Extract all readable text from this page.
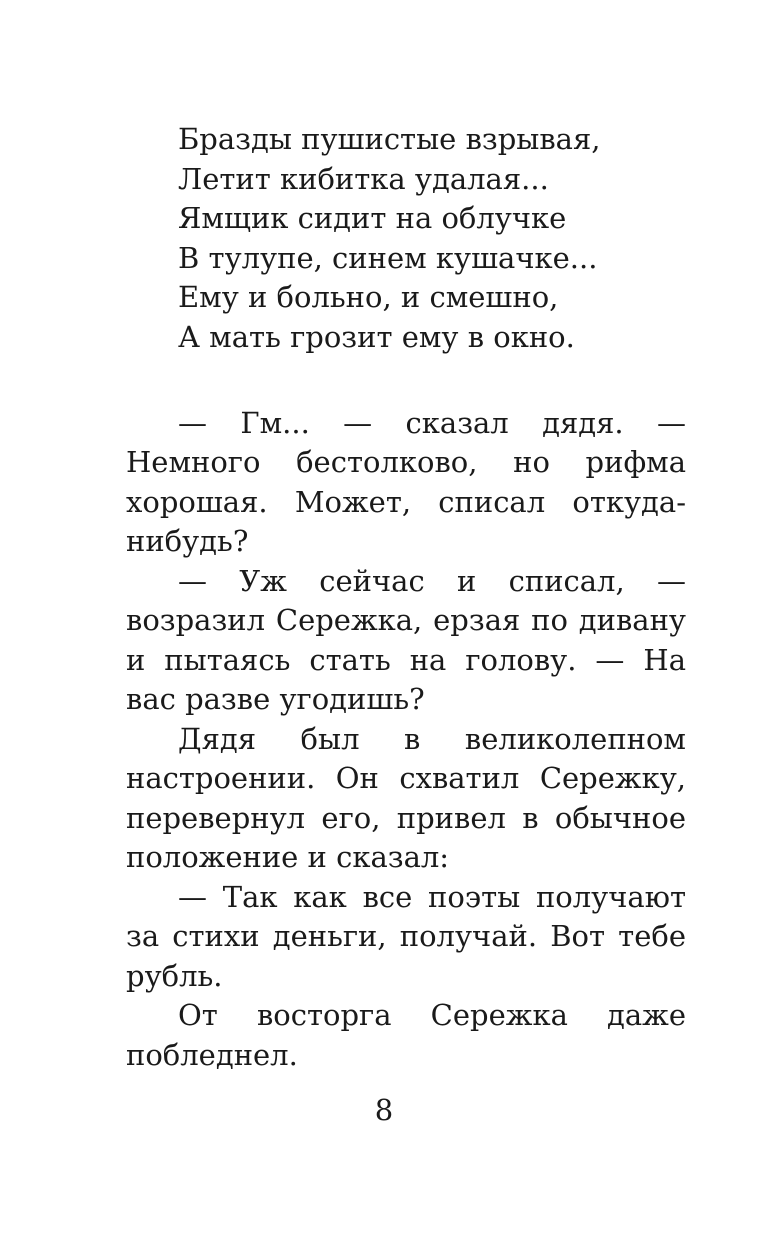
Бразды пушистые взрывая,
Летит кибитка удалая...
Ямщик сидит на облучке
В тулупе, синем кушачке...
Ему и больно, и смешно,
А мать грозит ему в окно.

— Гм... — сказал дядя. — Немного бестолково, но рифма хорошая. Может, списал откуда-нибудь?

— Уж сейчас и списал, — возразил Сережка, ерзая по дивану и пытаясь стать на голову. — На вас разве угодишь?

Дядя был в великолепном настроении. Он схватил Сережку, перевернул его, привел в обычное положение и сказал:

— Так как все поэты получают за стихи деньги, получай. Вот тебе рубль.

От восторга Сережка даже побледнел.

8
